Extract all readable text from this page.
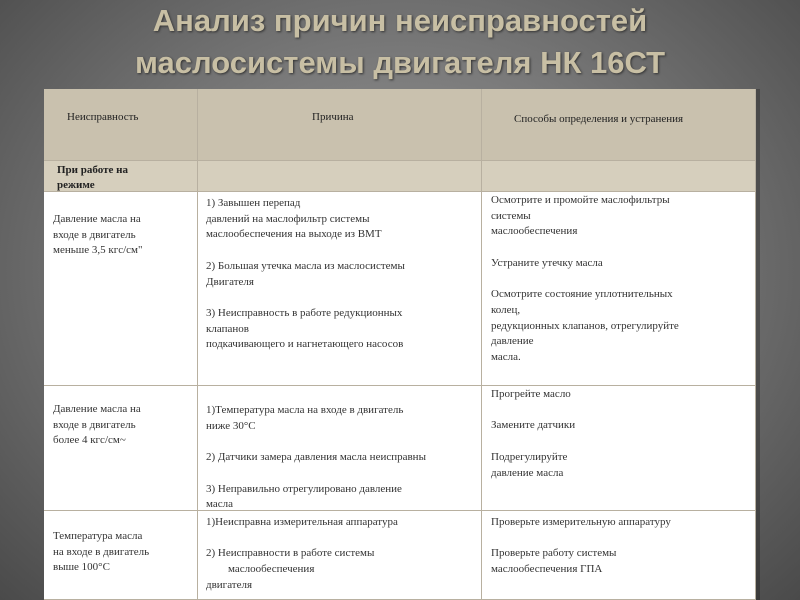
Анализ причин неисправностей
маслосистемы двигателя НК 16СТ
Неисправность	Причина	Способы определения и устранения
При работе на
режиме

Давление масла на
входе в двигатель
меньше 3,5 кгс/см"

1) Завышен перепад
давлений на маслофильтр системы
маслообеспечения на выходе из ВМТ

2) Большая утечка масла из маслосистемы
Двигателя

3) Неисправность в работе редукционных
клапанов
подкачивающего и нагнетающего насосов

Осмотрите и промойте маслофильтры
системы
маслообеспечения

Устраните утечку масла

Осмотрите состояние уплотнительных
колец,
редукционных клапанов, отрегулируйте
давление
масла.

Давление масла на
входе в двигатель
более 4 кгс/см~

1)Температура масла на входе в двигатель
ниже 30°С

2) Датчики замера давления масла неисправны

3) Неправильно отрегулировано давление
масла

Прогрейте масло

Замените датчики

Подрегулируйте
давление масла

Температура масла
на входе в двигатель
выше 100°С

1)Неисправна измерительная аппаратура

2) Неисправности в работе системы
маслообеспечения
двигателя

Проверьте измерительную аппаратуру

Проверьте работу системы
маслообеспечения ГПА
